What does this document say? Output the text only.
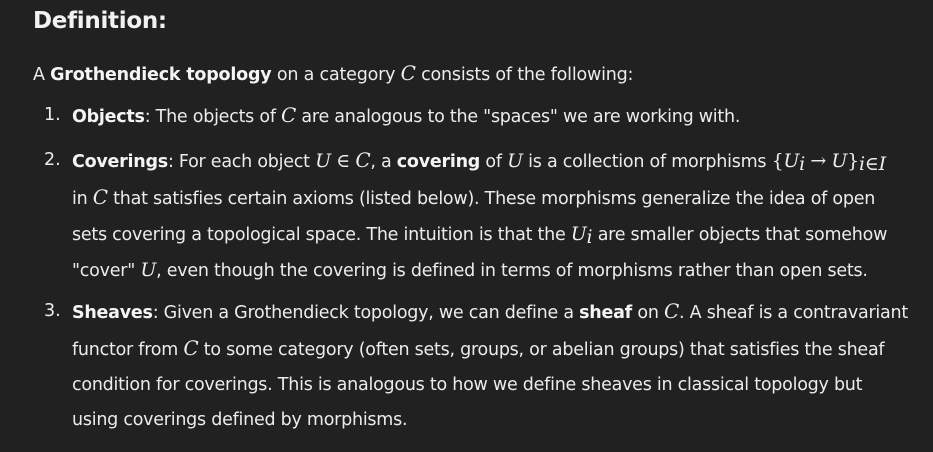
Definition:
A Grothendieck topology on a category C consists of the following:
1. Objects: The objects of C are analogous to the "spaces" we are working with.
2. Coverings: For each object U ∈ C, a covering of U is a collection of morphisms $\{U_i \to U\}_{i\in I}$
in C that satisfies certain axioms (listed below). These morphisms generalize the idea of open
sets covering a topological space. The intuition is that the $U_i$ are smaller objects that somehow
"cover" U, even though the covering is defined in terms of morphisms rather than open sets.
3. Sheaves: Given a Grothendieck topology, we can define a sheaf on C. A sheaf is a contravariant
functor from C to some category (often sets, groups, or abelian groups) that satisfies the sheaf
condition for coverings. This is analogous to how we define sheaves in classical topology but
using coverings defined by morphisms.
